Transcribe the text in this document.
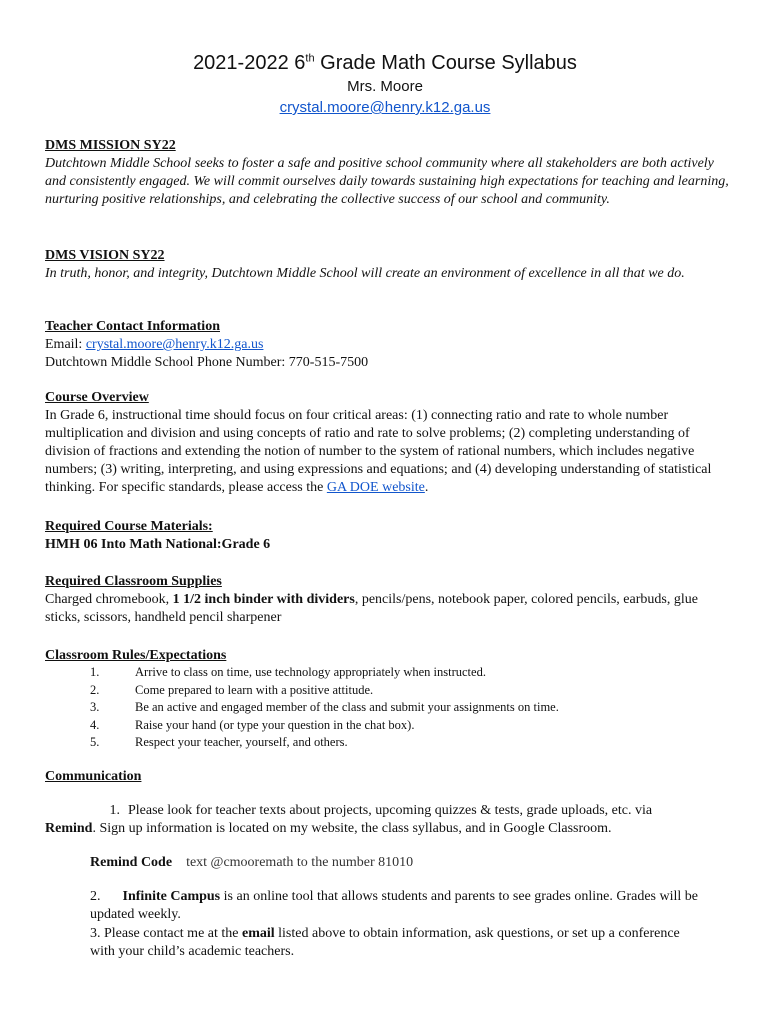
2021-2022 6th Grade Math Course Syllabus
Mrs. Moore
crystal.moore@henry.k12.ga.us
DMS MISSION SY22
Dutchtown Middle School seeks to foster a safe and positive school community where all stakeholders are both actively and consistently engaged. We will commit ourselves daily towards sustaining high expectations for teaching and learning, nurturing positive relationships, and celebrating the collective success of our school and community.
DMS VISION SY22
In truth, honor, and integrity, Dutchtown Middle School will create an environment of excellence in all that we do.
Teacher Contact Information
Email: crystal.moore@henry.k12.ga.us
Dutchtown Middle School Phone Number: 770-515-7500
Course Overview
In Grade 6, instructional time should focus on four critical areas: (1) connecting ratio and rate to whole number multiplication and division and using concepts of ratio and rate to solve problems; (2) completing understanding of division of fractions and extending the notion of number to the system of rational numbers, which includes negative numbers; (3) writing, interpreting, and using expressions and equations; and (4) developing understanding of statistical thinking. For specific standards, please access the GA DOE website.
Required Course Materials:
HMH 06 Into Math National:Grade 6
Required Classroom Supplies
Charged chromebook, 1 1/2 inch binder with dividers, pencils/pens, notebook paper, colored pencils, earbuds, glue sticks, scissors, handheld pencil sharpener
Classroom Rules/Expectations
1.	Arrive to class on time, use technology appropriately when instructed.
2.	Come prepared to learn with a positive attitude.
3.	Be an active and engaged member of the class and submit your assignments on time.
4.	Raise your hand (or type your question in the chat box).
5.	Respect your teacher, yourself, and others.
Communication
1. Please look for teacher texts about projects, upcoming quizzes & tests, grade uploads, etc. via
Remind. Sign up information is located on my website, the class syllabus, and in Google Classroom.
Remind Code text @cmooremath to the number 81010
2. Infinite Campus is an online tool that allows students and parents to see grades online. Grades will be updated weekly.
3. Please contact me at the email listed above to obtain information, ask questions, or set up a conference with your child’s academic teachers.
